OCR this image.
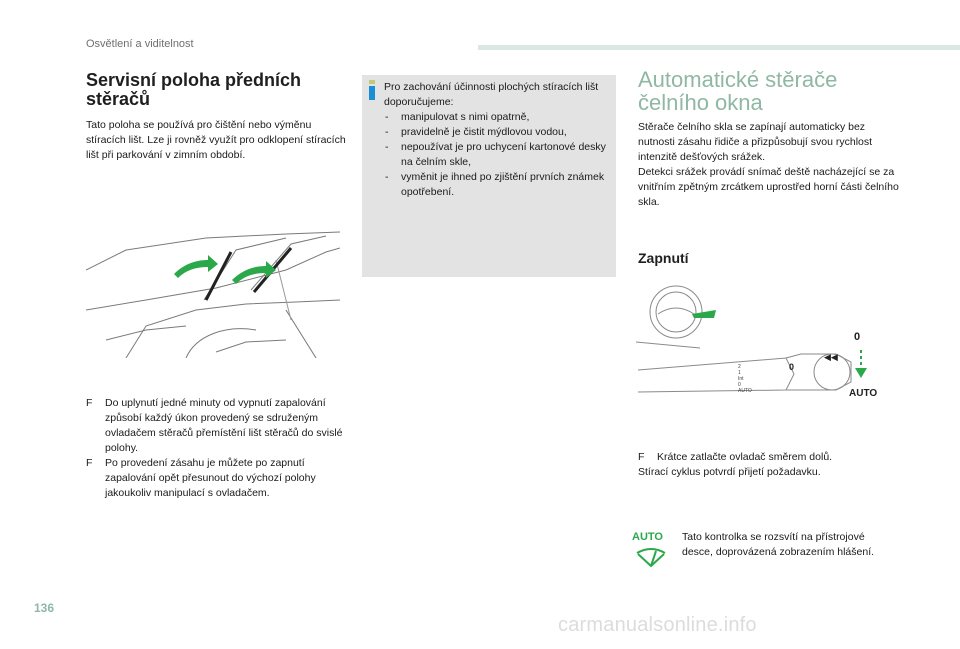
Osvětlení a viditelnost
Servisní poloha předních stěračů
Tato poloha se používá pro čištění nebo výměnu stíracích lišt. Lze ji rovněž využít pro odklopení stíracích lišt při parkování v zimním období.
F Do uplynutí jedné minuty od vypnutí zapalování způsobí každý úkon provedený se sdruženým ovladačem stěračů přemístění lišt stěračů do svislé polohy.
F Po provedení zásahu je můžete po zapnutí zapalování opět přesunout do výchozí polohy jakoukoliv manipulací s ovladačem.
Pro zachování účinnosti plochých stíracích lišt doporučujeme:
- manipulovat s nimi opatrně,
- pravidelně je čistit mýdlovou vodou,
- nepoužívat je pro uchycení kartonové desky na čelním skle,
- vyměnit je ihned po zjištění prvních známek opotřebení.
Automatické stěrače čelního okna
Stěrače čelního skla se zapínají automaticky bez nutnosti zásahu řidiče a přizpůsobují svou rychlost intenzitě dešťových srážek.
Detekci srážek provádí snímač deště nacházející se za vnitřním zpětným zrcátkem uprostřed horní části čelního skla.
Zapnutí
2
1
Int
0
AUTO
0
◀◀
0
AUTO
F Krátce zatlačte ovladač směrem dolů.
Stírací cyklus potvrdí přijetí požadavku.
AUTO Tato kontrolka se rozsvítí na přístrojové desce, doprovázená zobrazením hlášení.
136
carmanualsonline.info
